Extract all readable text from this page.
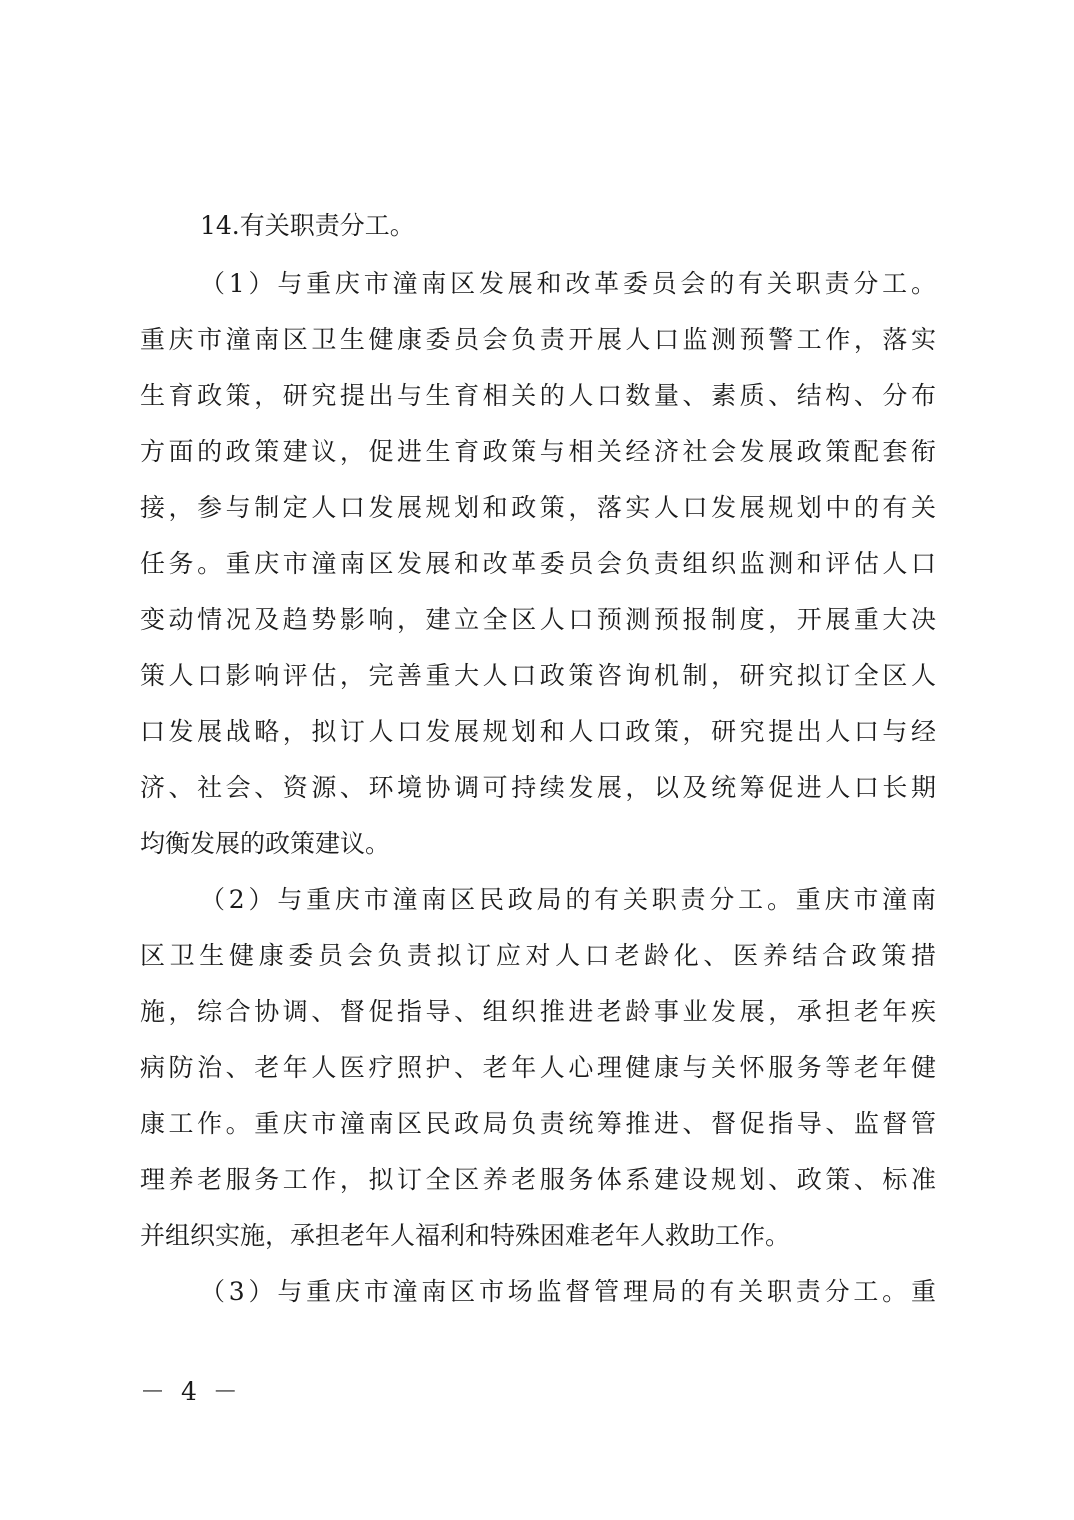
14.有关职责分工。
（1）与重庆市潼南区发展和改革委员会的有关职责分工。
重庆市潼南区卫生健康委员会负责开展人口监测预警工作，落实
生育政策，研究提出与生育相关的人口数量、素质、结构、分布
方面的政策建议，促进生育政策与相关经济社会发展政策配套衔
接，参与制定人口发展规划和政策，落实人口发展规划中的有关
任务。重庆市潼南区发展和改革委员会负责组织监测和评估人口
变动情况及趋势影响，建立全区人口预测预报制度，开展重大决
策人口影响评估，完善重大人口政策咨询机制，研究拟订全区人
口发展战略，拟订人口发展规划和人口政策，研究提出人口与经
济、社会、资源、环境协调可持续发展，以及统筹促进人口长期
均衡发展的政策建议。
（2）与重庆市潼南区民政局的有关职责分工。重庆市潼南
区卫生健康委员会负责拟订应对人口老龄化、医养结合政策措
施，综合协调、督促指导、组织推进老龄事业发展，承担老年疾
病防治、老年人医疗照护、老年人心理健康与关怀服务等老年健
康工作。重庆市潼南区民政局负责统筹推进、督促指导、监督管
理养老服务工作，拟订全区养老服务体系建设规划、政策、标准
并组织实施，承担老年人福利和特殊困难老年人救助工作。
（3）与重庆市潼南区市场监督管理局的有关职责分工。重
－ 4 －
